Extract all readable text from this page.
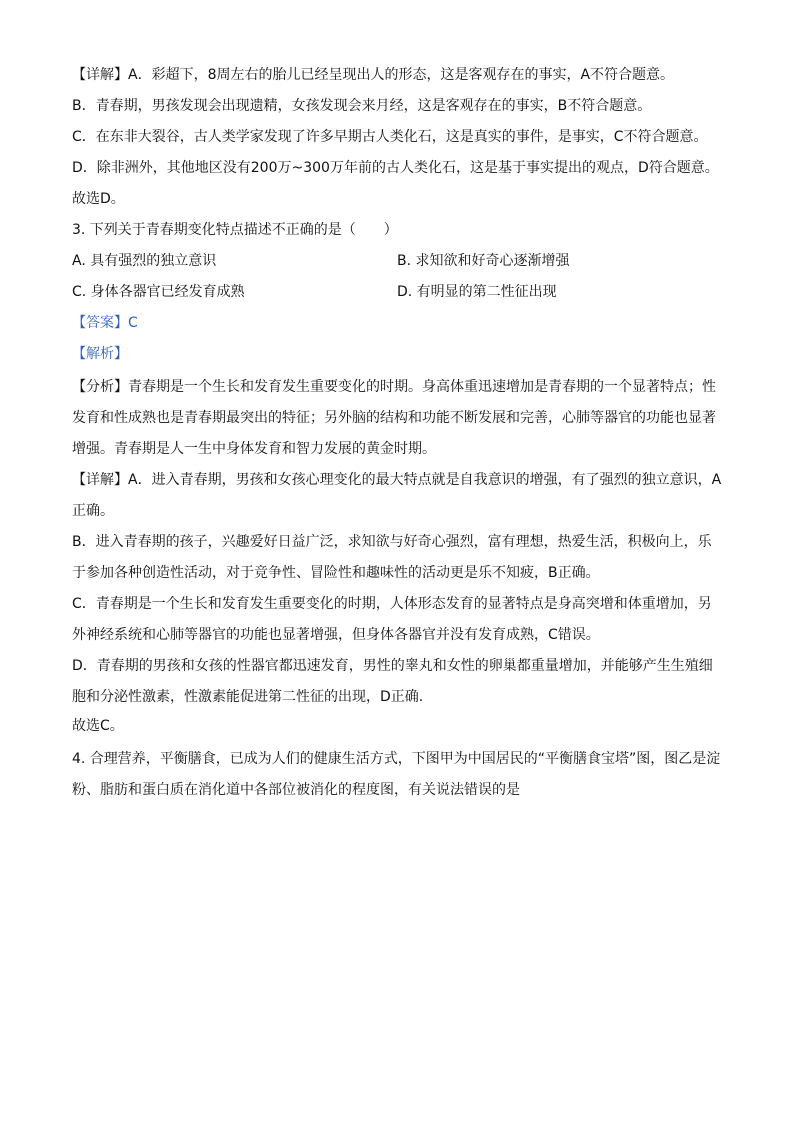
【详解】A．彩超下，8周左右的胎儿已经呈现出人的形态，这是客观存在的事实，A不符合题意。
B．青春期，男孩发现会出现遗精，女孩发现会来月经，这是客观存在的事实，B不符合题意。
C．在东非大裂谷，古人类学家发现了许多早期古人类化石，这是真实的事件，是事实，C不符合题意。
D．除非洲外，其他地区没有200万~300万年前的古人类化石，这是基于事实提出的观点，D符合题意。
故选D。
3. 下列关于青春期变化特点描述不正确的是（　　）
A. 具有强烈的独立意识	B. 求知欲和好奇心逐渐增强
C. 身体各器官已经发育成熟	D. 有明显的第二性征出现
【答案】C
【解析】
【分析】青春期是一个生长和发育发生重要变化的时期。身高体重迅速增加是青春期的一个显著特点；性发育和性成熟也是青春期最突出的特征；另外脑的结构和功能不断发展和完善，心肺等器官的功能也显著增强。青春期是人一生中身体发育和智力发展的黄金时期。
【详解】A．进入青春期，男孩和女孩心理变化的最大特点就是自我意识的增强，有了强烈的独立意识，A正确。
B．进入青春期的孩子，兴趣爱好日益广泛，求知欲与好奇心强烈，富有理想，热爱生活，积极向上，乐于参加各种创造性活动，对于竞争性、冒险性和趣味性的活动更是乐不知疲，B正确。
C．青春期是一个生长和发育发生重要变化的时期，人体形态发育的显著特点是身高突增和体重增加，另外神经系统和心肺等器官的功能也显著增强，但身体各器官并没有发育成熟，C错误。
D．青春期的男孩和女孩的性器官都迅速发育，男性的睾丸和女性的卵巢都重量增加，并能够产生生殖细胞和分泌性激素，性激素能促进第二性征的出现，D正确.
故选C。
4. 合理营养，平衡膳食，已成为人们的健康生活方式，下图甲为中国居民的“平衡膳食宝塔”图，图乙是淀粉、脂肪和蛋白质在消化道中各部位被消化的程度图，有关说法错误的是
